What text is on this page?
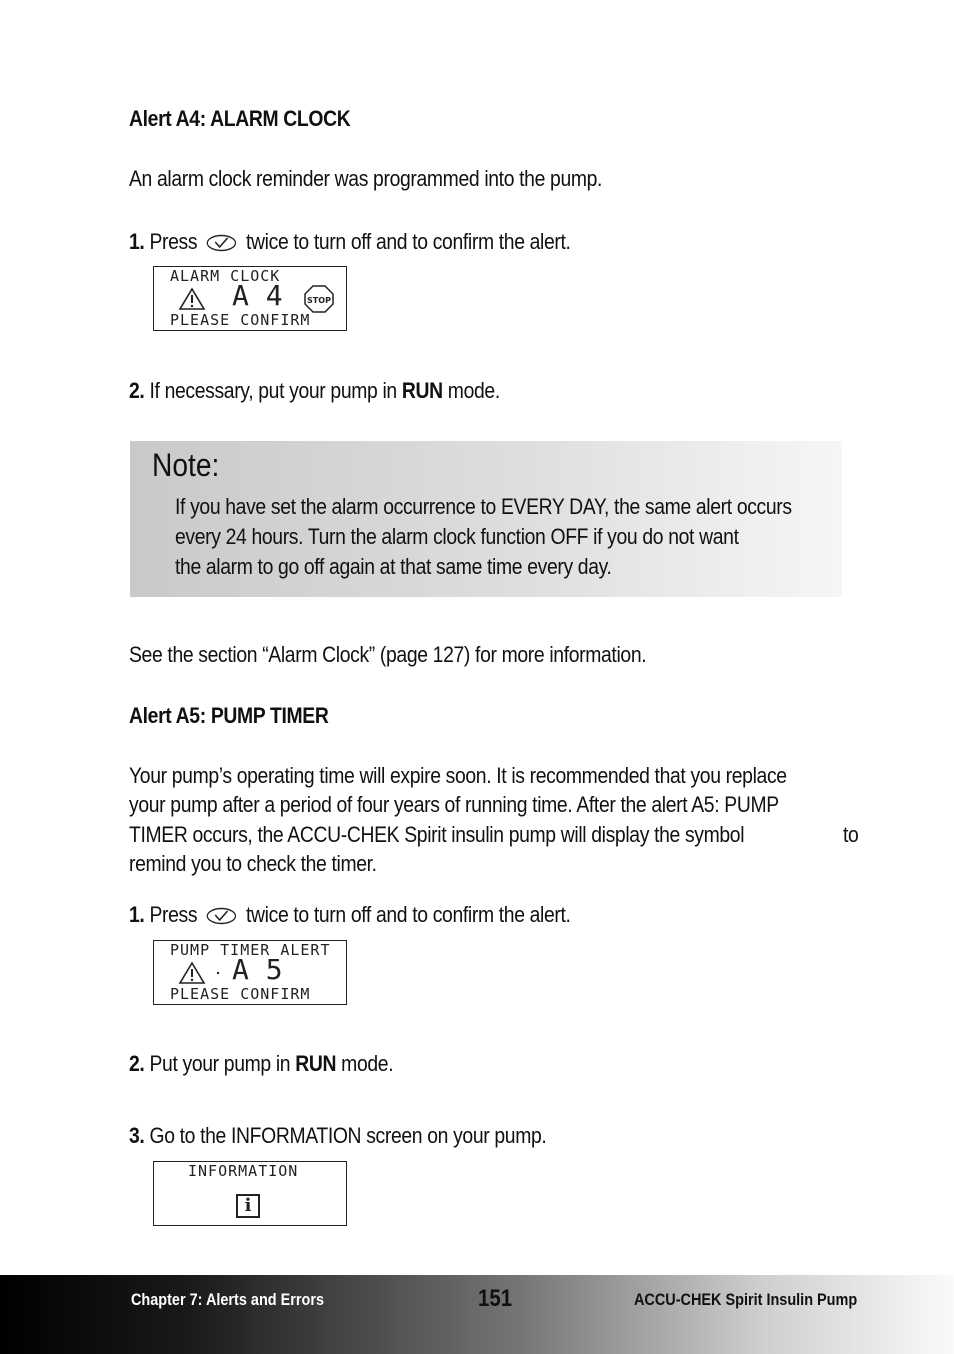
Alert A4: ALARM CLOCK
An alarm clock reminder was programmed into the pump.
1. Press twice to turn off and to confirm the alert.
ALARM CLOCK
A 4	STOP
PLEASE CONFIRM
2. If necessary, put your pump in RUN mode.
Note:
If you have set the alarm occurrence to EVERY DAY, the same alert occurs
every 24 hours. Turn the alarm clock function OFF if you do not want
the alarm to go off again at that same time every day.
See the section “Alarm Clock” (page 127) for more information.
Alert A5: PUMP TIMER
Your pump’s operating time will expire soon. It is recommended that you replace
your pump after a period of four years of running time. After the alert A5: PUMP
TIMER occurs, the ACCU-CHEK Spirit insulin pump will display the symbol	to
remind you to check the timer.
1. Press twice to turn off and to confirm the alert.
PUMP TIMER ALERT
A 5
PLEASE CONFIRM
2. Put your pump in RUN mode.
3. Go to the INFORMATION screen on your pump.
INFORMATION
i
Chapter 7: Alerts and Errors	151	ACCU-CHEK Spirit Insulin Pump
